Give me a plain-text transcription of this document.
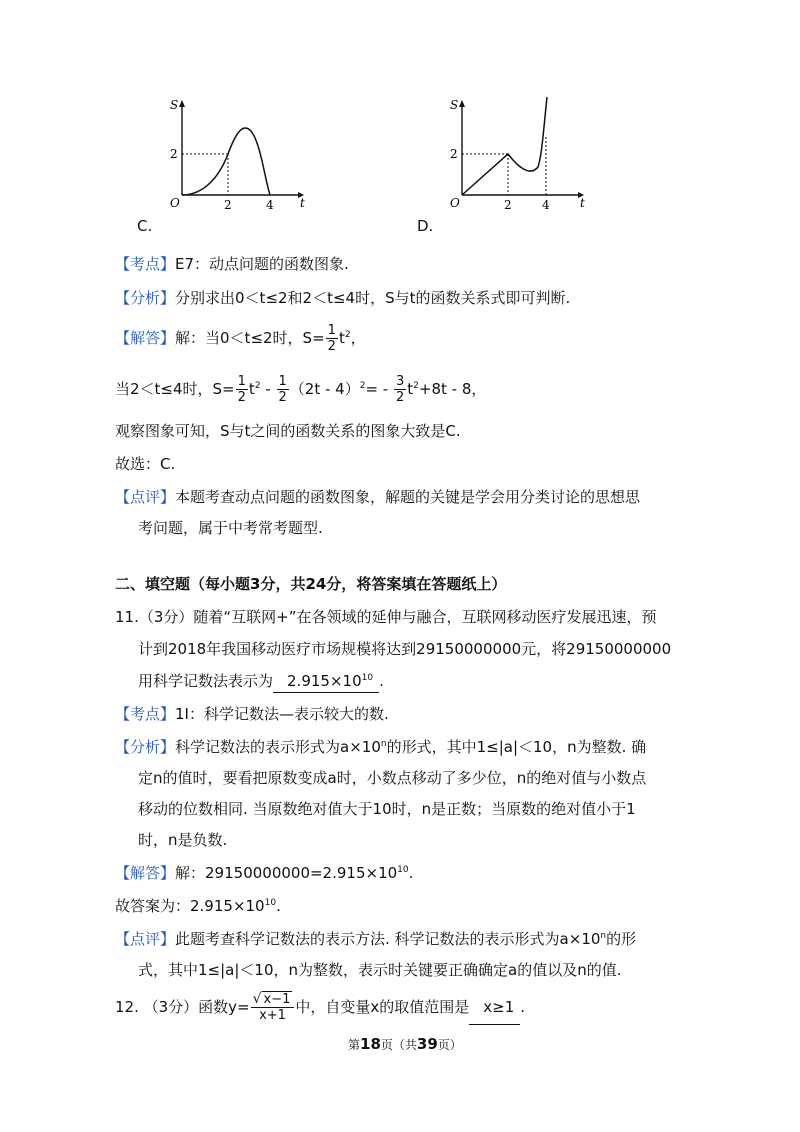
S
t
O
2
2	4
C.
S
t
O
2
2	4
D.
【考点】E7：动点问题的函数图象.
【分析】分别求出0＜t≤2和2＜t≤4时，S与t的函数关系式即可判断.
【解答】解：当0＜t≤2时，$S= \frac{1}{2} t^2$，
当2＜t≤4时，$S= \frac{1}{2} t^2 - \frac{1}{2} (2t - 4)^2= - \frac{3}{2} t^2+8t - 8$，
观察图象可知，S与t之间的函数关系的图象大致是C.
故选：C.
【点评】本题考查动点问题的函数图象，解题的关键是学会用分类讨论的思想思
考问题，属于中考常考题型.
二、填空题（每小题3分，共24分，将答案填在答题纸上）
11.（3分）随着“互联网+”在各领域的延伸与融合，互联网移动医疗发展迅速，预
计到2018年我国移动医疗市场规模将达到29150000000元，将29150000000
用科学记数法表示为 $2.915\times 10^{10}$ .
【考点】1I：科学记数法—表示较大的数.
【分析】科学记数法的表示形式为$a\times 10^n$的形式，其中1≤|a|＜10，n为整数. 确
定n的值时，要看把原数变成a时，小数点移动了多少位，n的绝对值与小数点
移动的位数相同. 当原数绝对值大于10时，n是正数；当原数的绝对值小于1
时，n是负数.
【解答】解：$29150000000=2.915\times 10^{10}$.
故答案为：$2.915\times 10^{10}$.
【点评】此题考查科学记数法的表示方法. 科学记数法的表示形式为$a\times 10^n$的形
式，其中1≤|a|＜10，n为整数，表示时关键要正确确定a的值以及n的值.
12. （3分）函数$y= \frac{√ x-1}{x+1}$ 中，自变量x的取值范围是 x≥1 .
第18页（共39页）
